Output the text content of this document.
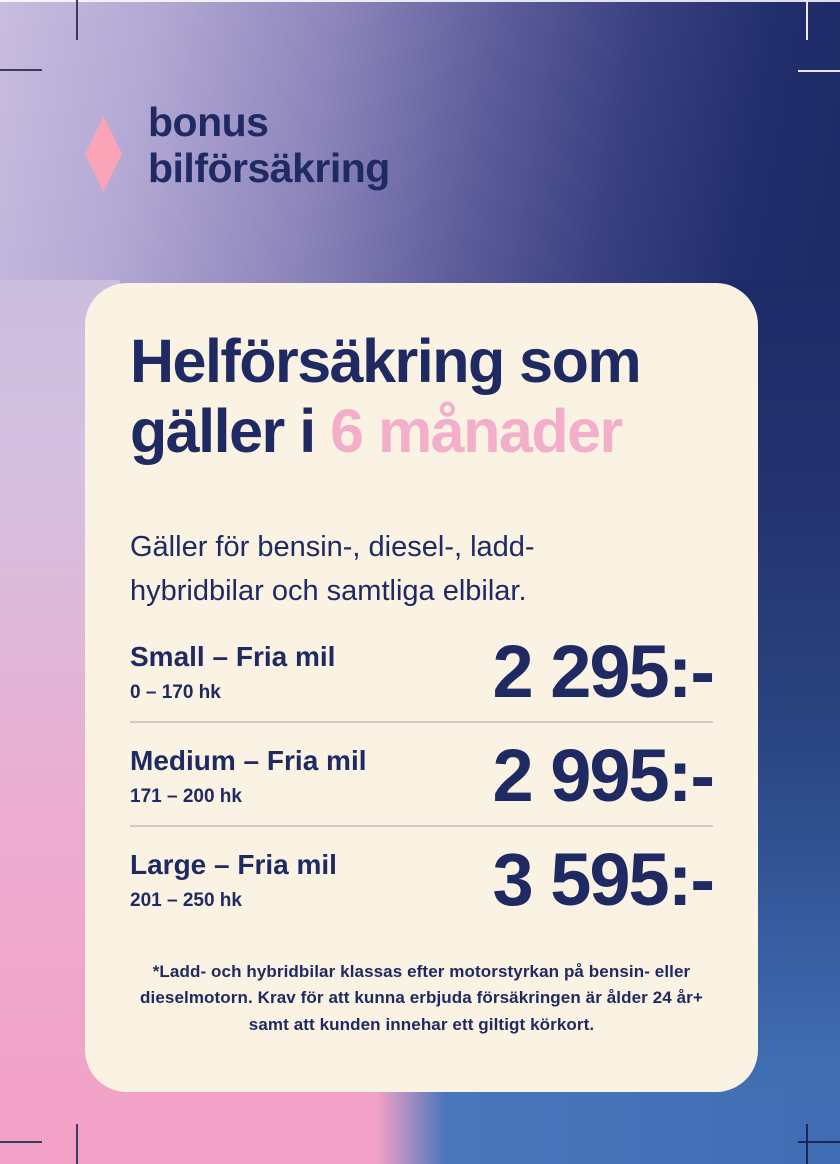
bonus
bilförsäkring
Helförsäkring som
gäller i 6 månader

Gäller för bensin-, diesel-, ladd-
hybridbilar och samtliga elbilar.

Small – Fria mil
0 – 170 hk	2 295:-
Medium – Fria mil
171 – 200 hk	2 995:-
Large – Fria mil
201 – 250 hk	3 595:-
*Ladd- och hybridbilar klassas efter motorstyrkan på bensin- eller
dieselmotorn. Krav för att kunna erbjuda försäkringen är ålder 24 år+
samt att kunden innehar ett giltigt körkort.
